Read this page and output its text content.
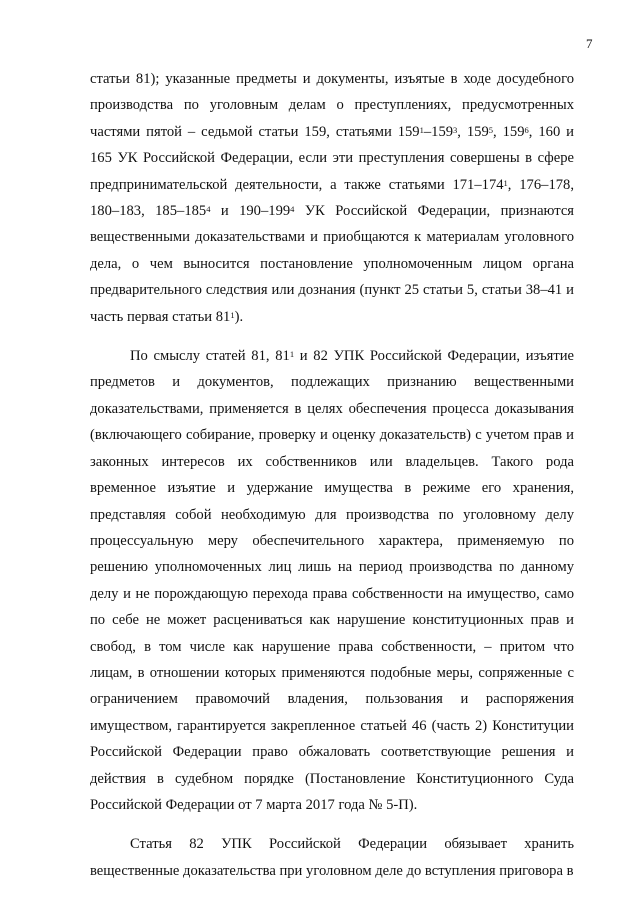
7

статьи 81); указанные предметы и документы, изъятые в ходе досудебного производства по уголовным делам о преступлениях, предусмотренных частями пятой – седьмой статьи 159, статьями $159^1-159^3$, $159^5$, $159^6$, 160 и 165 УК Российской Федерации, если эти преступления совершены в сфере предпринимательской деятельности, а также статьями $171-174^1$, 176–178, 180–183, $185-185^4$ и $190-199^4$ УК Российской Федерации, признаются вещественными доказательствами и приобщаются к материалам уголовного дела, о чем выносится постановление уполномоченным лицом органа предварительного следствия или дознания (пункт 25 статьи 5, статьи 38–41 и часть первая статьи $81^1$).

По смыслу статей 81, $81^1$ и 82 УПК Российской Федерации, изъятие предметов и документов, подлежащих признанию вещественными доказательствами, применяется в целях обеспечения процесса доказывания (включающего собирание, проверку и оценку доказательств) с учетом прав и законных интересов их собственников или владельцев. Такого рода временное изъятие и удержание имущества в режиме его хранения, представляя собой необходимую для производства по уголовному делу процессуальную меру обеспечительного характера, применяемую по решению уполномоченных лиц лишь на период производства по данному делу и не порождающую перехода права собственности на имущество, само по себе не может расцениваться как нарушение конституционных прав и свобод, в том числе как нарушение права собственности, – притом что лицам, в отношении которых применяются подобные меры, сопряженные с ограничением правомочий владения, пользования и распоряжения имуществом, гарантируется закрепленное статьей 46 (часть 2) Конституции Российской Федерации право обжаловать соответствующие решения и действия в судебном порядке (Постановление Конституционного Суда Российской Федерации от 7 марта 2017 года № 5-П).

Статья 82 УПК Российской Федерации обязывает хранить вещественные доказательства при уголовном деле до вступления приговора в
